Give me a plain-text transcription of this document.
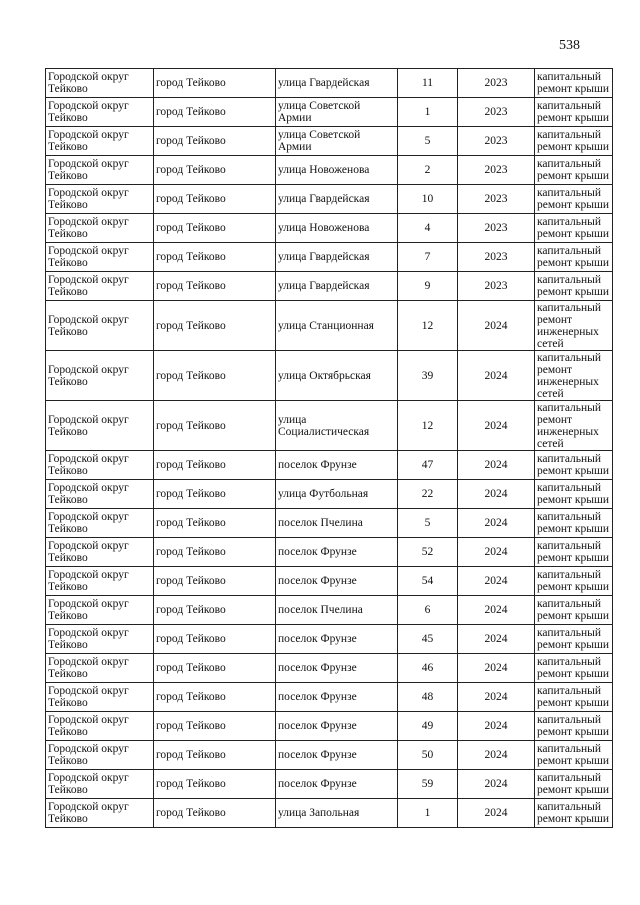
538
Городской округ Тейково	город Тейково	улица Гвардейская	11	2023	капитальный ремонт крыши
Городской округ Тейково	город Тейково	улица Советской Армии	1	2023	капитальный ремонт крыши
Городской округ Тейково	город Тейково	улица Советской Армии	5	2023	капитальный ремонт крыши
Городской округ Тейково	город Тейково	улица Новоженова	2	2023	капитальный ремонт крыши
Городской округ Тейково	город Тейково	улица Гвардейская	10	2023	капитальный ремонт крыши
Городской округ Тейково	город Тейково	улица Новоженова	4	2023	капитальный ремонт крыши
Городской округ Тейково	город Тейково	улица Гвардейская	7	2023	капитальный ремонт крыши
Городской округ Тейково	город Тейково	улица Гвардейская	9	2023	капитальный ремонт крыши
Городской округ Тейково	город Тейково	улица Станционная	12	2024	капитальный ремонт инженерных сетей
Городской округ Тейково	город Тейково	улица Октябрьская	39	2024	капитальный ремонт инженерных сетей
Городской округ Тейково	город Тейково	улица Социалистическая	12	2024	капитальный ремонт инженерных сетей
Городской округ Тейково	город Тейково	поселок Фрунзе	47	2024	капитальный ремонт крыши
Городской округ Тейково	город Тейково	улица Футбольная	22	2024	капитальный ремонт крыши
Городской округ Тейково	город Тейково	поселок Пчелина	5	2024	капитальный ремонт крыши
Городской округ Тейково	город Тейково	поселок Фрунзе	52	2024	капитальный ремонт крыши
Городской округ Тейково	город Тейково	поселок Фрунзе	54	2024	капитальный ремонт крыши
Городской округ Тейково	город Тейково	поселок Пчелина	6	2024	капитальный ремонт крыши
Городской округ Тейково	город Тейково	поселок Фрунзе	45	2024	капитальный ремонт крыши
Городской округ Тейково	город Тейково	поселок Фрунзе	46	2024	капитальный ремонт крыши
Городской округ Тейково	город Тейково	поселок Фрунзе	48	2024	капитальный ремонт крыши
Городской округ Тейково	город Тейково	поселок Фрунзе	49	2024	капитальный ремонт крыши
Городской округ Тейково	город Тейково	поселок Фрунзе	50	2024	капитальный ремонт крыши
Городской округ Тейково	город Тейково	поселок Фрунзе	59	2024	капитальный ремонт крыши
Городской округ Тейково	город Тейково	улица Запольная	1	2024	капитальный ремонт крыши
